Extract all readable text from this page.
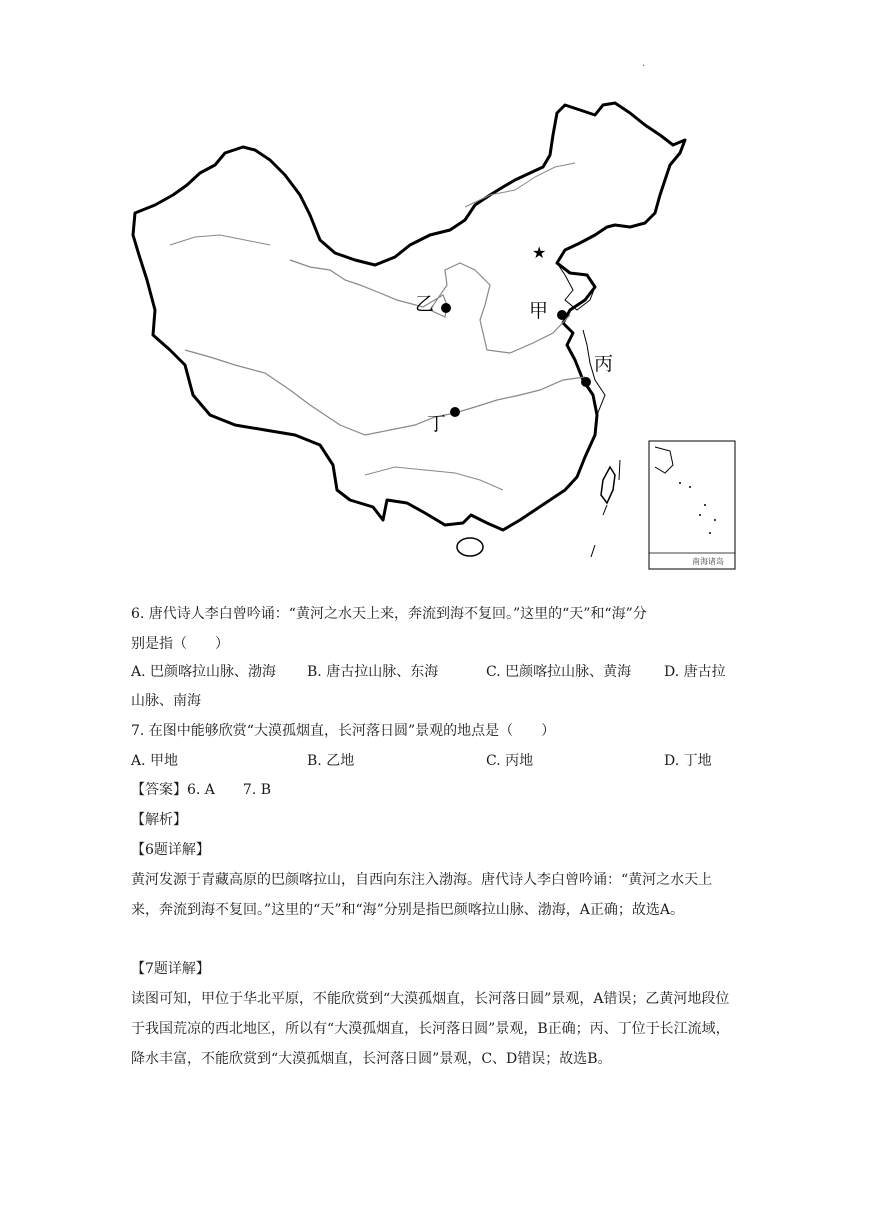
.
★
甲
乙
丙
丁
南海诸岛
6. 唐代诗人李白曾吟诵：“黄河之水天上来，奔流到海不复回。”这里的“天”和“海”分
别是指（　　）
A. 巴颜喀拉山脉、渤海 B. 唐古拉山脉、东海	C. 巴颜喀拉山脉、黄海 D. 唐古拉
山脉、南海
7. 在图中能够欣赏“大漠孤烟直，长河落日圆”景观的地点是（　　）
A. 甲地	B. 乙地	C. 丙地	D. 丁地
【答案】6. A　　7. B
【解析】
【6题详解】
黄河发源于青藏高原的巴颜喀拉山，自西向东注入渤海。唐代诗人李白曾吟诵：“黄河之水天上来，奔流到海不复回。”这里的“天”和“海”分别是指巴颜喀拉山脉、渤海，A正确；故选A。
【7题详解】
读图可知，甲位于华北平原，不能欣赏到“大漠孤烟直，长河落日圆”景观，A错误；乙黄河地段位于我国荒凉的西北地区，所以有“大漠孤烟直，长河落日圆”景观，B正确；丙、丁位于长江流域，降水丰富，不能欣赏到“大漠孤烟直，长河落日圆”景观，C、D错误；故选B。
